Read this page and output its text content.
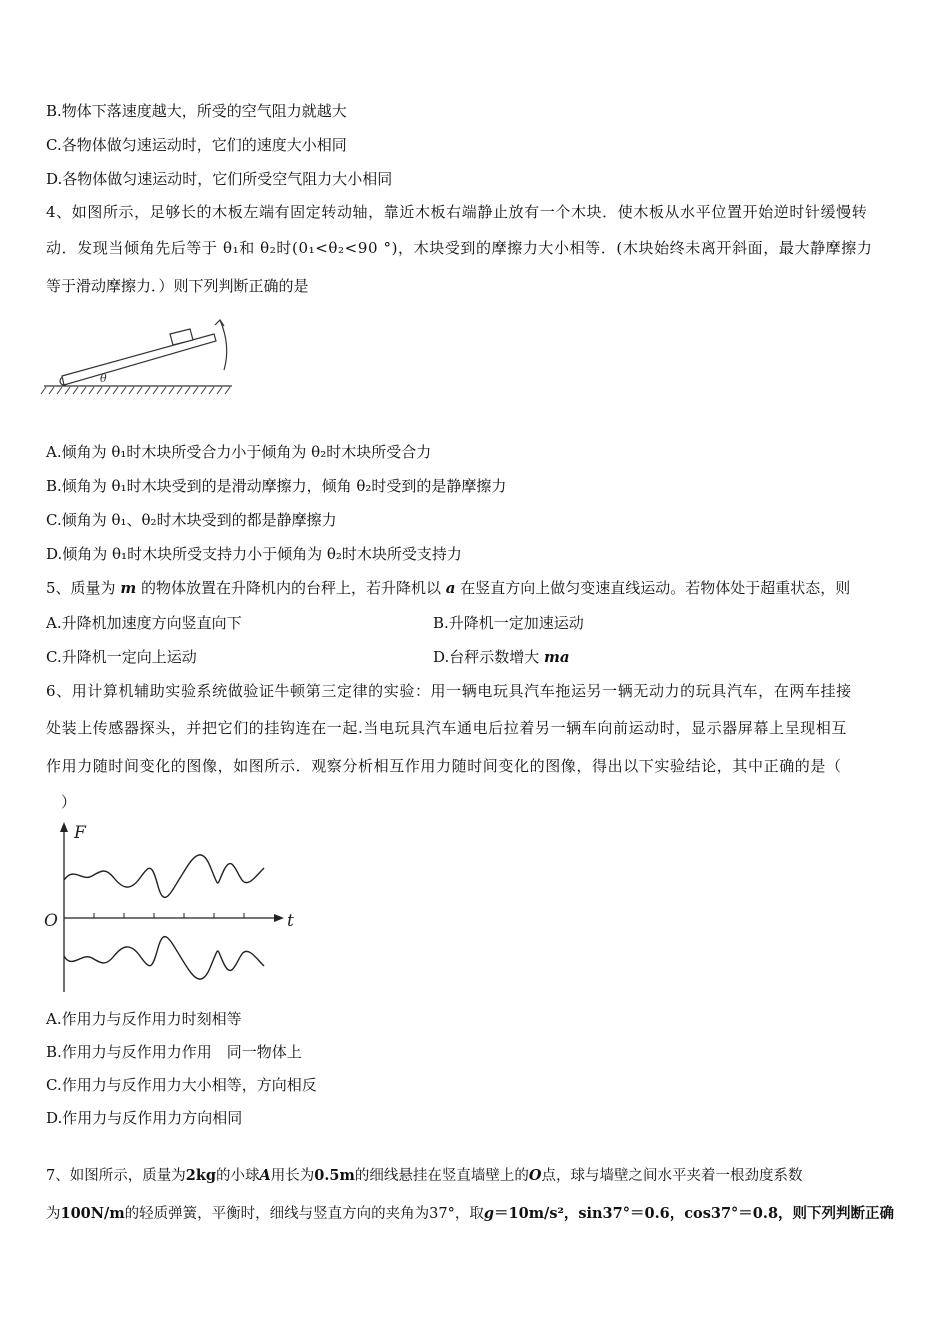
B.物体下落速度越大，所受的空气阻力就越大
C.各物体做匀速运动时，它们的速度大小相同
D.各物体做匀速运动时，它们所受空气阻力大小相同
4、如图所示，足够长的木板左端有固定转动轴，靠近木板右端静止放有一个木块．使木板从水平位置开始逆时针缓慢转
动．发现当倾角先后等于 θ₁和 θ₂时(0₁<θ₂<90 °)，木块受到的摩擦力大小相等．(木块始终未离开斜面，最大静摩擦力
等于滑动摩擦力．）则下列判断正确的是
θ
A.倾角为 θ₁时木块所受合力小于倾角为 θ₂时木块所受合力
B.倾角为 θ₁时木块受到的是滑动摩擦力，倾角 θ₂时受到的是静摩擦力
C.倾角为 θ₁、θ₂时木块受到的都是静摩擦力
D.倾角为 θ₁时木块所受支持力小于倾角为 θ₂时木块所受支持力
5、质量为 m 的物体放置在升降机内的台秤上，若升降机以 a 在竖直方向上做匀变速直线运动。若物体处于超重状态，则
A.升降机加速度方向竖直向下	B.升降机一定加速运动
C.升降机一定向上运动	D.台秤示数增大 ma
6、用计算机辅助实验系统做验证牛顿第三定律的实验：用一辆电玩具汽车拖运另一辆无动力的玩具汽车，在两车挂接
处装上传感器探头，并把它们的挂钩连在一起.当电玩具汽车通电后拉着另一辆车向前运动时，显示器屏幕上呈现相互
作用力随时间变化的图像，如图所示．观察分析相互作用力随时间变化的图像，得出以下实验结论，其中正确的是（
　）
F
t
O
A.作用力与反作用力时刻相等
B.作用力与反作用力作用　同一物体上
C.作用力与反作用力大小相等，方向相反
D.作用力与反作用力方向相同
7、如图所示，质量为2kg的小球A用长为0.5m的细线悬挂在竖直墙壁上的O点，球与墙壁之间水平夹着一根劲度系数
为100N/m的轻质弹簧，平衡时，细线与竖直方向的夹角为37°，取g＝10m/s²，sin37°＝0.6，cos37°＝0.8，则下列判断正确
